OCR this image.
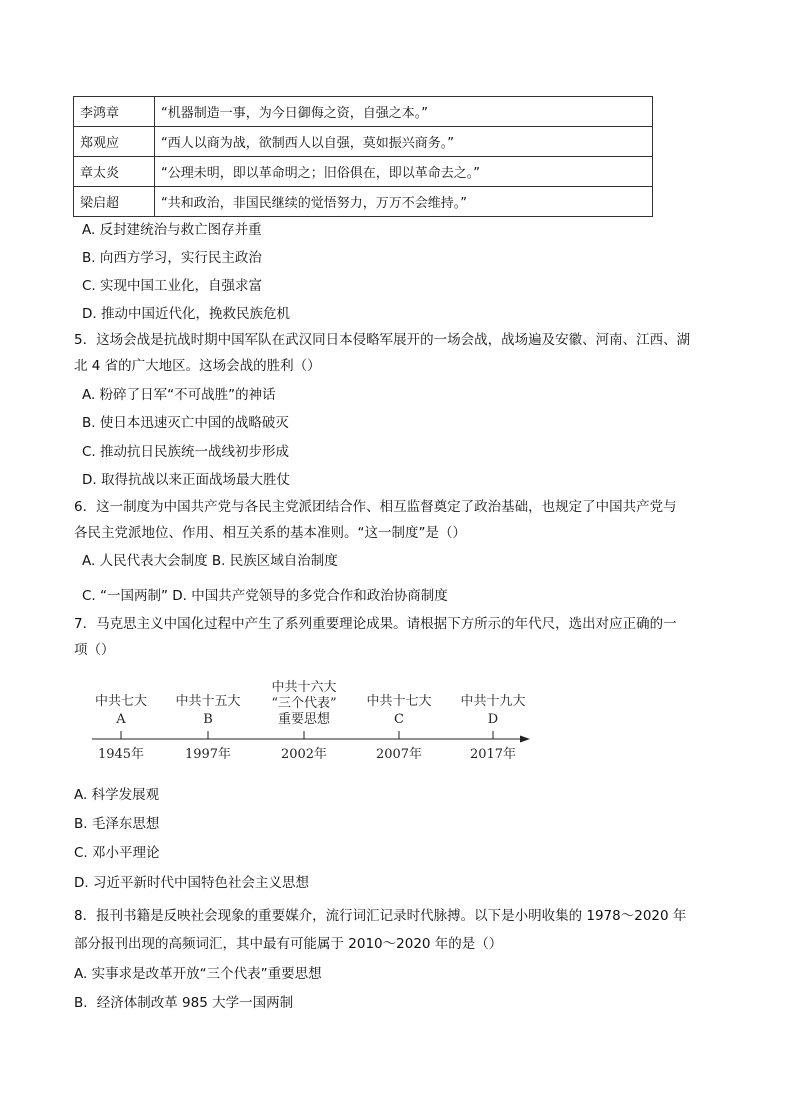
李鸿章	“机器制造一事，为今日御侮之资，自强之本。”
郑观应	“西人以商为战，欲制西人以自强，莫如振兴商务。”
章太炎	“公理未明，即以革命明之；旧俗俱在，即以革命去之。”
梁启超	“共和政治，非国民继续的觉悟努力，万万不会维持。”
A. 反封建统治与救亡图存并重
B. 向西方学习，实行民主政治
C. 实现中国工业化，自强求富
D. 推动中国近代化，挽救民族危机
5．这场会战是抗战时期中国军队在武汉同日本侵略军展开的一场会战，战场遍及安徽、河南、江西、湖
北 4 省的广大地区。这场会战的胜利（）
A. 粉碎了日军“不可战胜”的神话
B. 使日本迅速灭亡中国的战略破灭
C. 推动抗日民族统一战线初步形成
D. 取得抗战以来正面战场最大胜仗
6．这一制度为中国共产党与各民主党派团结合作、相互监督奠定了政治基础，也规定了中国共产党与
各民主党派地位、作用、相互关系的基本准则。“这一制度”是（）
A. 人民代表大会制度 B. 民族区域自治制度
C. “一国两制” D. 中国共产党领导的多党合作和政治协商制度
7．马克思主义中国化过程中产生了系列重要理论成果。请根据下方所示的年代尺，选出对应正确的一
项（）
中共七大
A
1945年
中共十五大
B
1997年
中共十六大
“三个代表”
重要思想
2002年
中共十七大
C
2007年
中共十九大
D
2017年
A. 科学发展观
B. 毛泽东思想
C. 邓小平理论
D. 习近平新时代中国特色社会主义思想
8．报刊书籍是反映社会现象的重要媒介，流行词汇记录时代脉搏。以下是小明收集的 1978～2020 年
部分报刊出现的高频词汇，其中最有可能属于 2010～2020 年的是（）
A. 实事求是改革开放“三个代表”重要思想
B．经济体制改革 985 大学一国两制
